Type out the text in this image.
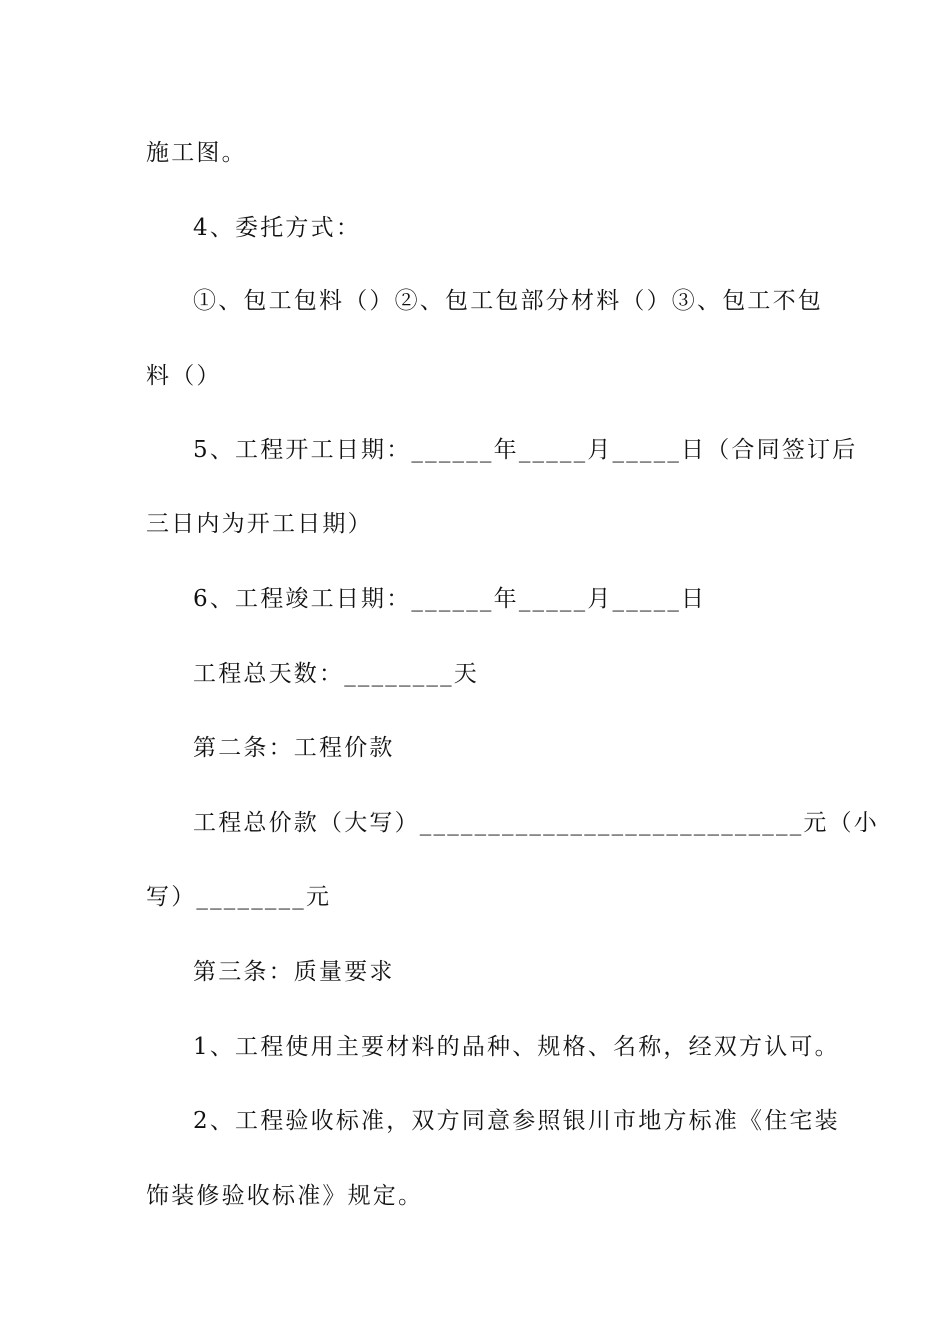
施工图。
4、委托方式：
①、包工包料（）②、包工包部分材料（）③、包工不包
料（）
5、工程开工日期：______年_____月_____日（合同签订后
三日内为开工日期）
6、工程竣工日期：______年_____月_____日
工程总天数：________天
第二条：工程价款
工程总价款（大写）____________________________元（小
写）________元
第三条：质量要求
1、工程使用主要材料的品种、规格、名称，经双方认可。
2、工程验收标准，双方同意参照银川市地方标准《住宅装
饰装修验收标准》规定。
